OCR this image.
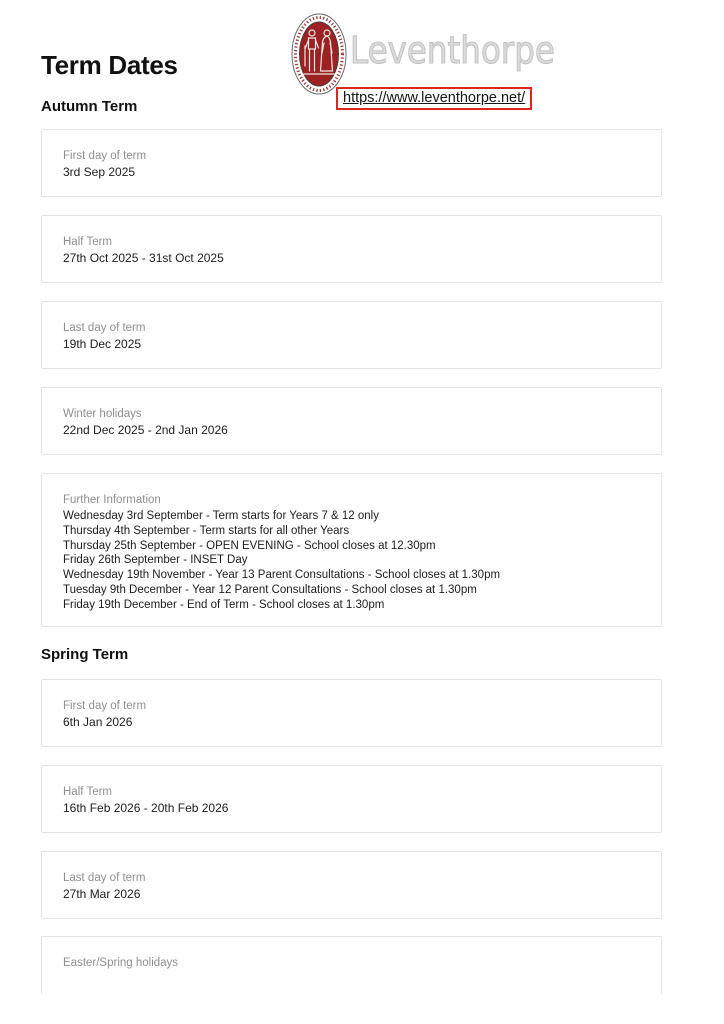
Leventhorpe
https://www.leventhorpe.net/
Term Dates
Autumn Term
First day of term
3rd Sep 2025
Half Term
27th Oct 2025 - 31st Oct 2025
Last day of term
19th Dec 2025
Winter holidays
22nd Dec 2025 - 2nd Jan 2026
Further Information
Wednesday 3rd September - Term starts for Years 7 & 12 only
Thursday 4th September - Term starts for all other Years
Thursday 25th September - OPEN EVENING - School closes at 12.30pm
Friday 26th September - INSET Day
Wednesday 19th November - Year 13 Parent Consultations - School closes at 1.30pm
Tuesday 9th December - Year 12 Parent Consultations - School closes at 1.30pm
Friday 19th December - End of Term - School closes at 1.30pm
Spring Term
First day of term
6th Jan 2026
Half Term
16th Feb 2026 - 20th Feb 2026
Last day of term
27th Mar 2026
Easter/Spring holidays
